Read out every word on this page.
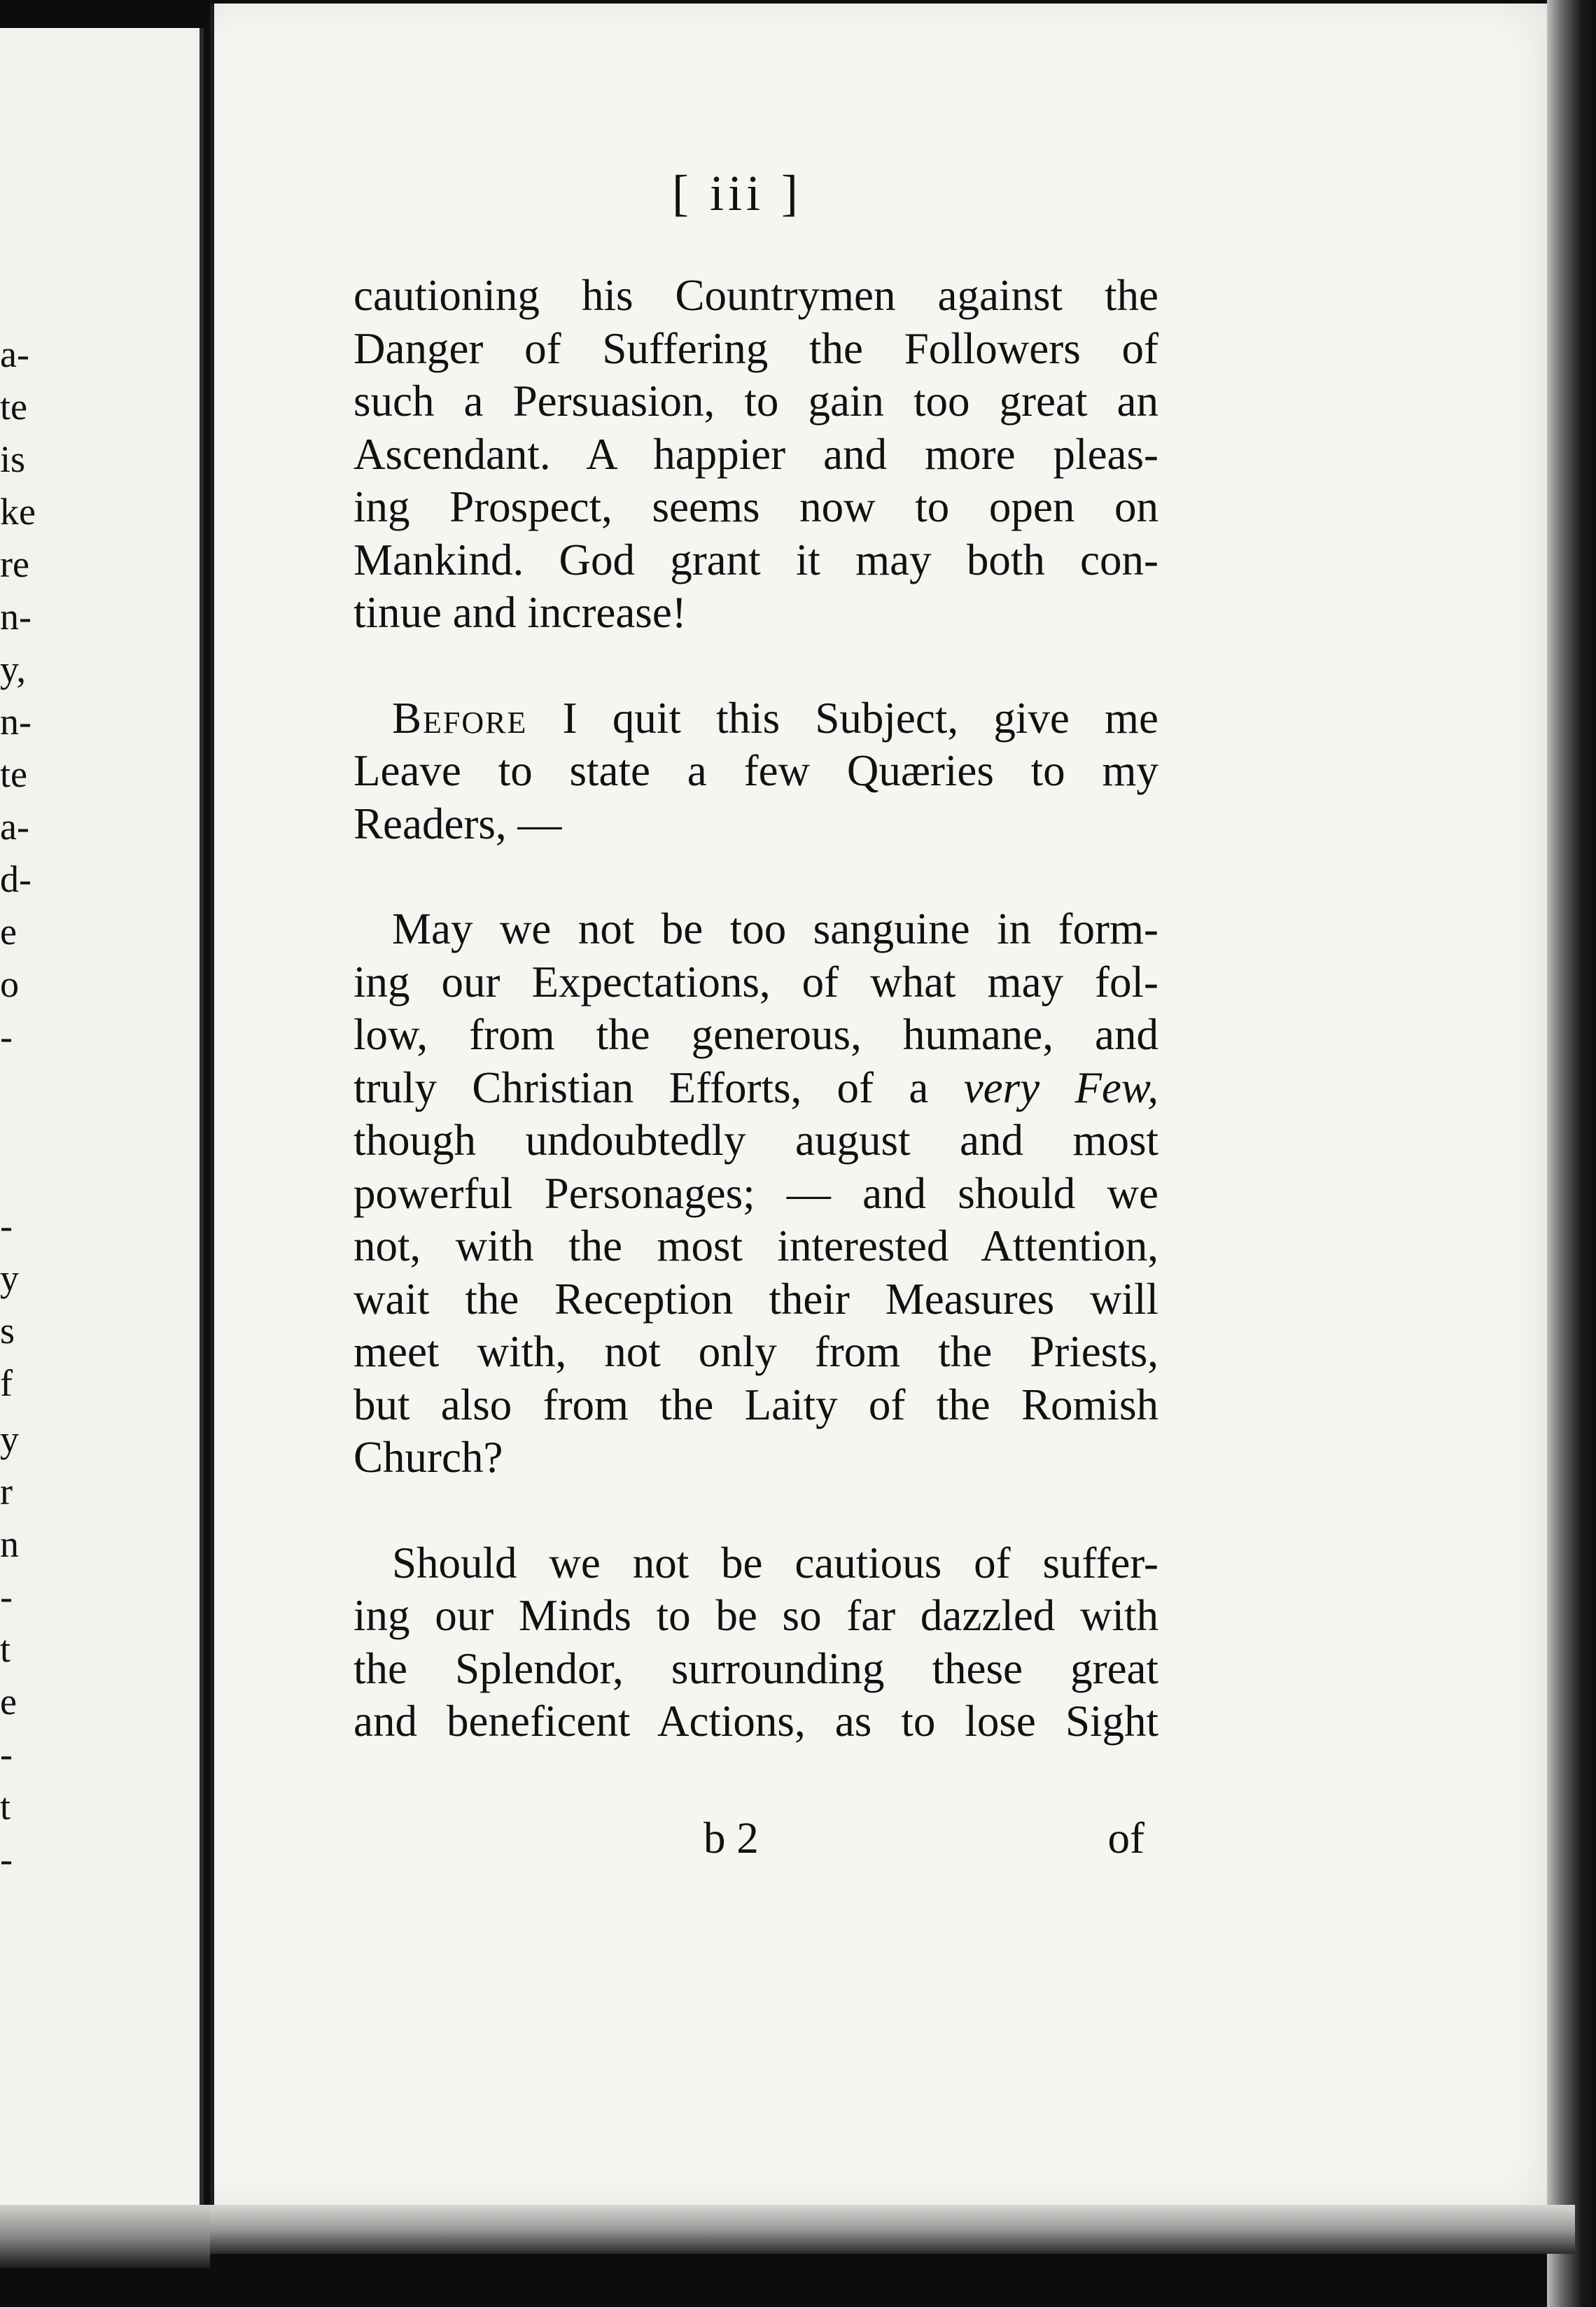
a-
te
is
ke
re
n-
y,
n-
te
a-
d-
e
o
-
-
y
s
f
y
r
n
-
t
e
-
t
-
[ iii ]

cautioning his Countrymen against the

Danger of Suffering the Followers of

such a Persuasion, to gain too great an

Ascendant. A happier and more pleas-

ing Prospect, seems now to open on

Mankind. God grant it may both con-

tinue and increase!

Before I quit this Subject, give me

Leave to state a few Quæries to my

Readers, —

May we not be too sanguine in form-

ing our Expectations, of what may fol-

low, from the generous, humane, and

truly Christian Efforts, of a very Few,

though undoubtedly august and most

powerful Personages; — and should we

not, with the most interested Attention,

wait the Reception their Measures will

meet with, not only from the Priests,

but also from the Laity of the Romish

Church?

Should we not be cautious of suffer-

ing our Minds to be so far dazzled with

the Splendor, surrounding these great

and beneficent Actions, as to lose Sight

b 2	of
